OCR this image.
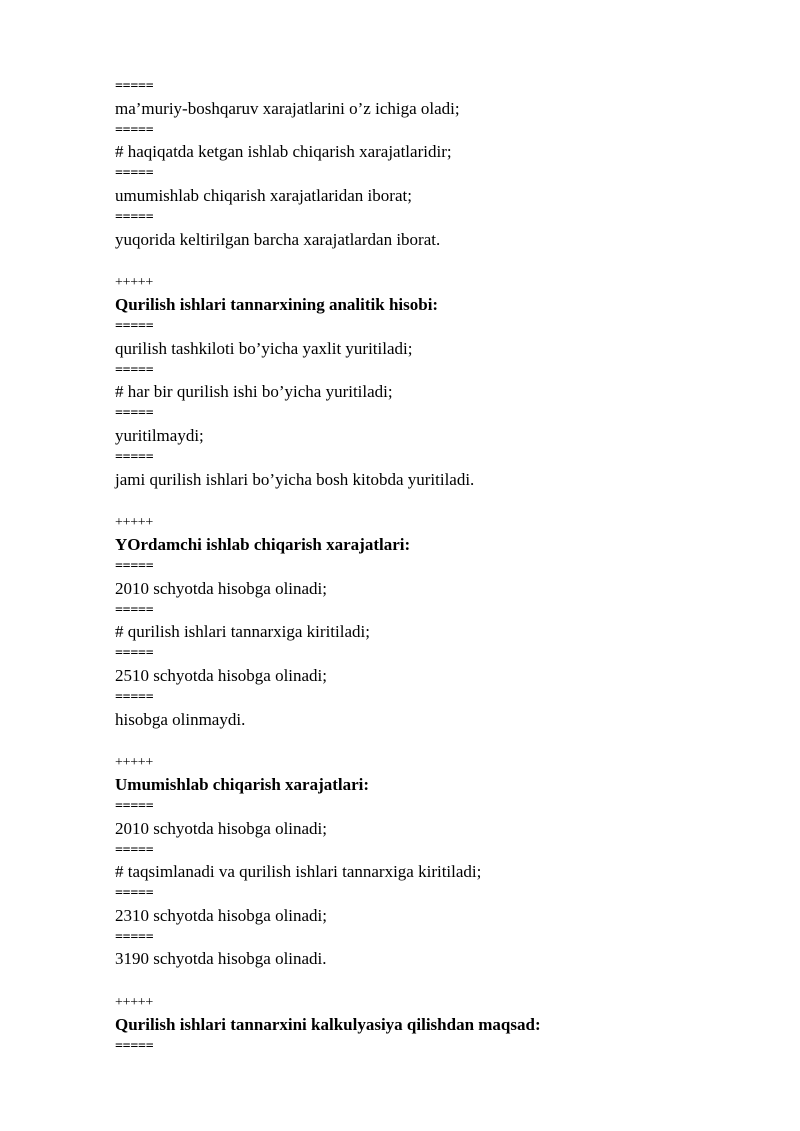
=====
ma’muriy-boshqaruv xarajatlarini o’z ichiga oladi;
=====
# haqiqatda ketgan ishlab chiqarish xarajatlaridir;
=====
umumishlab chiqarish xarajatlaridan iborat;
=====
yuqorida keltirilgan barcha xarajatlardan iborat.
+++++
Qurilish ishlari tannarxining analitik hisobi:
=====
qurilish tashkiloti bo’yicha yaxlit yuritiladi;
=====
# har bir qurilish ishi bo’yicha yuritiladi;
=====
yuritilmaydi;
=====
jami qurilish ishlari bo’yicha bosh kitobda yuritiladi.
+++++
YOrdamchi ishlab chiqarish xarajatlari:
=====
2010 schyotda hisobga olinadi;
=====
# qurilish ishlari tannarxiga kiritiladi;
=====
2510 schyotda hisobga olinadi;
=====
hisobga olinmaydi.
+++++
Umumishlab chiqarish xarajatlari:
=====
2010 schyotda hisobga olinadi;
=====
# taqsimlanadi va qurilish ishlari tannarxiga kiritiladi;
=====
2310 schyotda hisobga olinadi;
=====
3190 schyotda hisobga olinadi.
+++++
Qurilish ishlari tannarxini kalkulyasiya qilishdan maqsad:
=====
